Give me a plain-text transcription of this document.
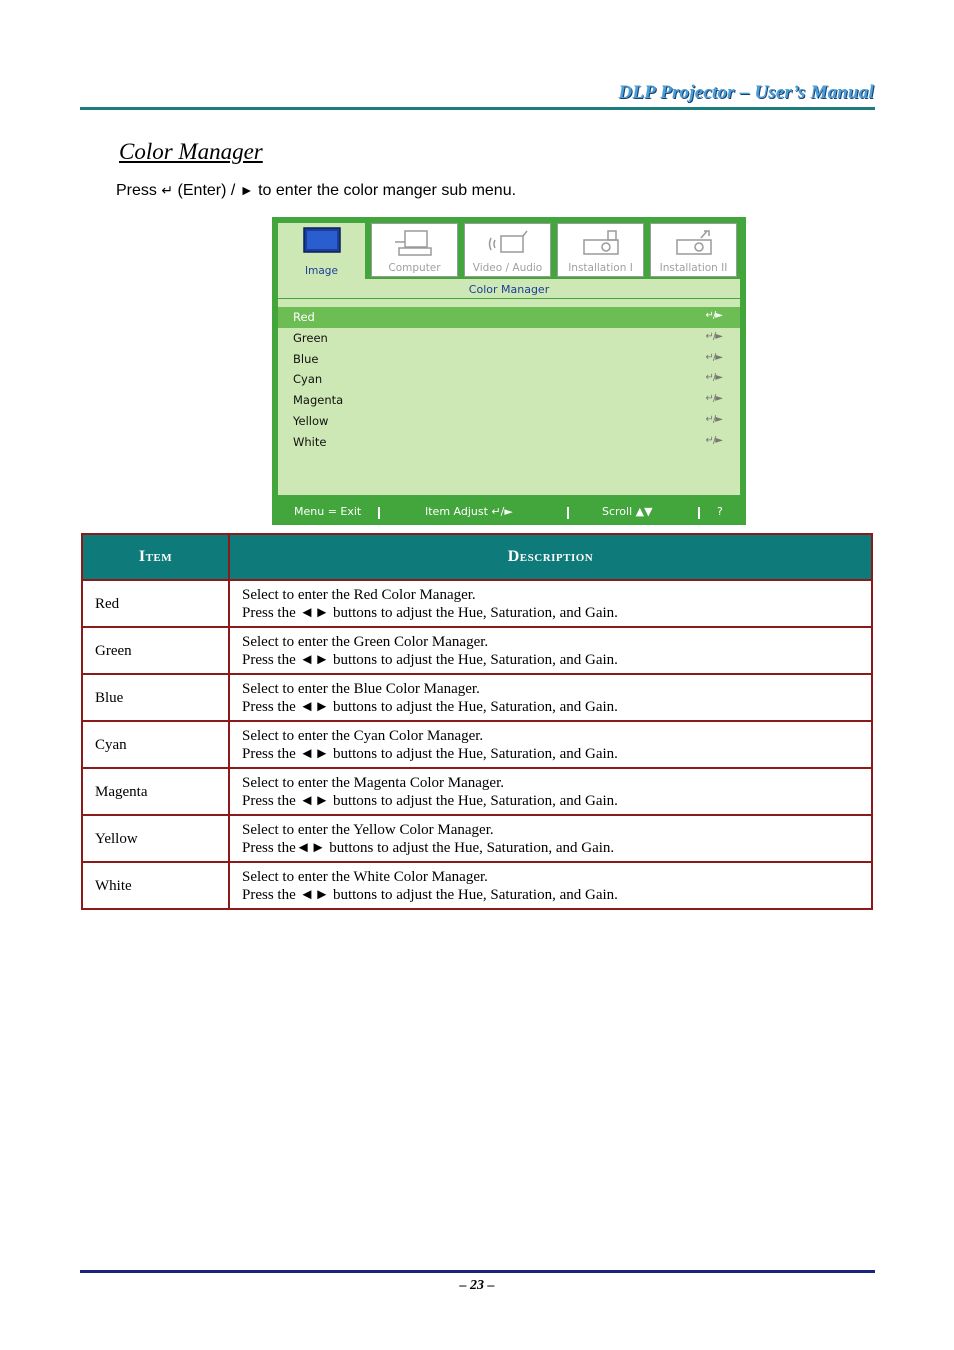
DLP Projector – User’s Manual
Color Manager
Press ↵ (Enter) / ► to enter the color manger sub menu.
Image	Computer	Video / Audio	Installation I	Installation II
Color Manager
Red	↵/►
Green	↵/►
Blue	↵/►
Cyan	↵/►
Magenta	↵/►
Yellow	↵/►
White	↵/►
Menu = Exit	Item Adjust ↵/►	Scroll ▲▼	?
Item	Description
Red	Select to enter the Red Color Manager.
Press the ◄► buttons to adjust the Hue, Saturation, and Gain.
Green	Select to enter the Green Color Manager.
Press the ◄► buttons to adjust the Hue, Saturation, and Gain.
Blue	Select to enter the Blue Color Manager.
Press the ◄► buttons to adjust the Hue, Saturation, and Gain.
Cyan	Select to enter the Cyan Color Manager.
Press the ◄► buttons to adjust the Hue, Saturation, and Gain.
Magenta	Select to enter the Magenta Color Manager.
Press the ◄► buttons to adjust the Hue, Saturation, and Gain.
Yellow	Select to enter the Yellow Color Manager.
Press the◄► buttons to adjust the Hue, Saturation, and Gain.
White	Select to enter the White Color Manager.
Press the ◄► buttons to adjust the Hue, Saturation, and Gain.
– 23 –
